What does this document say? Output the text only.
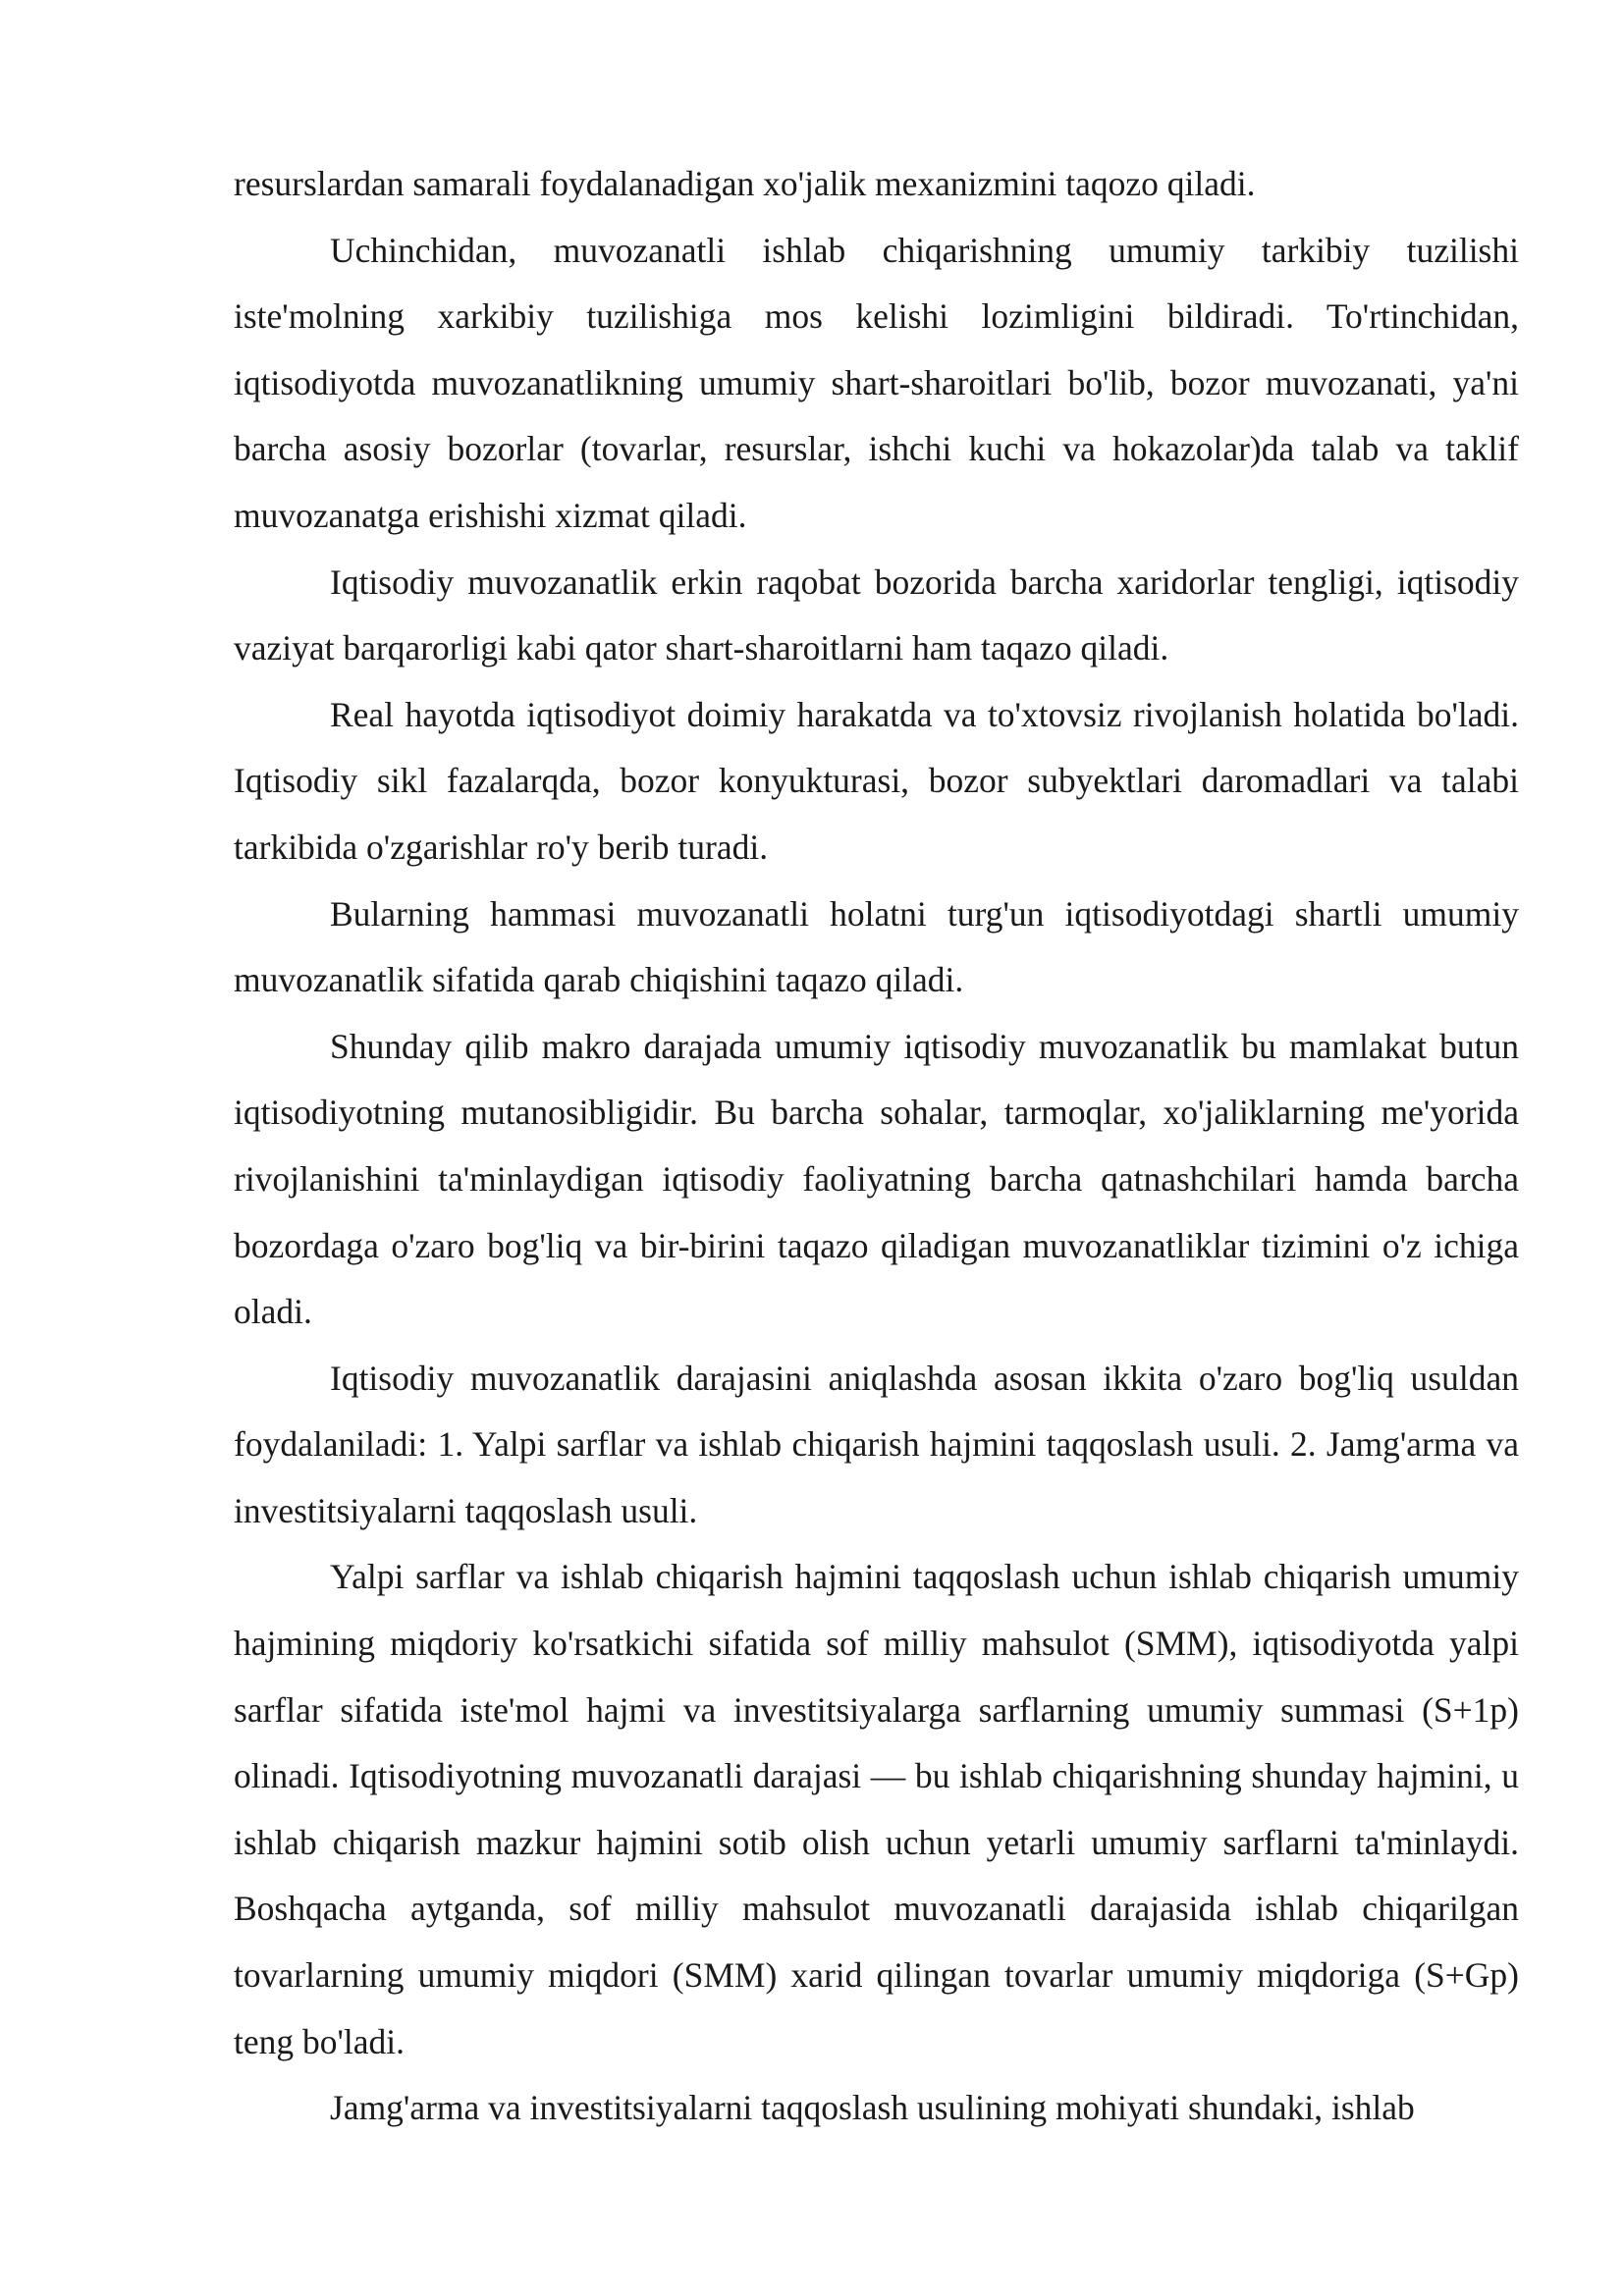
resurslardan samarali foydalanadigan xo'jalik mexanizmini taqozo qiladi.

Uchinchidan, muvozanatli ishlab chiqarishning umumiy tarkibiy tuzilishi iste'molning xarkibiy tuzilishiga mos kelishi lozimligini bildiradi. To'rtinchidan, iqtisodiyotda muvozanatlikning umumiy shart-sharoitlari bo'lib, bozor muvozanati, ya'ni barcha asosiy bozorlar (tovarlar, resurslar, ishchi kuchi va hokazolar)da talab va taklif muvozanatga erishishi xizmat qiladi.

Iqtisodiy muvozanatlik erkin raqobat bozorida barcha xaridorlar tengligi, iqtisodiy vaziyat barqarorligi kabi qator shart-sharoitlarni ham taqazo qiladi.

Real hayotda iqtisodiyot doimiy harakatda va to'xtovsiz rivojlanish holatida bo'ladi. Iqtisodiy sikl fazalarqda, bozor konyukturasi, bozor subyektlari daromadlari va talabi tarkibida o'zgarishlar ro'y berib turadi.

Bularning hammasi muvozanatli holatni turg'un iqtisodiyotdagi shartli umumiy muvozanatlik sifatida qarab chiqishini taqazo qiladi.

Shunday qilib makro darajada umumiy iqtisodiy muvozanatlik bu mamlakat butun iqtisodiyotning mutanosibligidir. Bu barcha sohalar, tarmoqlar, xo'jaliklarning me'yorida rivojlanishini ta'minlaydigan iqtisodiy faoliyatning barcha qatnashchilari hamda barcha bozordaga o'zaro bog'liq va bir-birini taqazo qiladigan muvozanatliklar tizimini o'z ichiga oladi.

Iqtisodiy muvozanatlik darajasini aniqlashda asosan ikkita o'zaro bog'liq usuldan foydalaniladi: 1. Yalpi sarflar va ishlab chiqarish hajmini taqqoslash usuli. 2. Jamg'arma va investitsiyalarni taqqoslash usuli.

Yalpi sarflar va ishlab chiqarish hajmini taqqoslash uchun ishlab chiqarish umumiy hajmining miqdoriy ko'rsatkichi sifatida sof milliy mahsulot (SMM), iqtisodiyotda yalpi sarflar sifatida iste'mol hajmi va investitsiyalarga sarflarning umumiy summasi (S+1p) olinadi. Iqtisodiyotning muvozanatli darajasi — bu ishlab chiqarishning shunday hajmini, u ishlab chiqarish mazkur hajmini sotib olish uchun yetarli umumiy sarflarni ta'minlaydi. Boshqacha aytganda, sof milliy mahsulot muvozanatli darajasida ishlab chiqarilgan tovarlarning umumiy miqdori (SMM) xarid qilingan tovarlar umumiy miqdoriga (S+Gp) teng bo'ladi.

Jamg'arma va investitsiyalarni taqqoslash usulining mohiyati shundaki, ishlab
